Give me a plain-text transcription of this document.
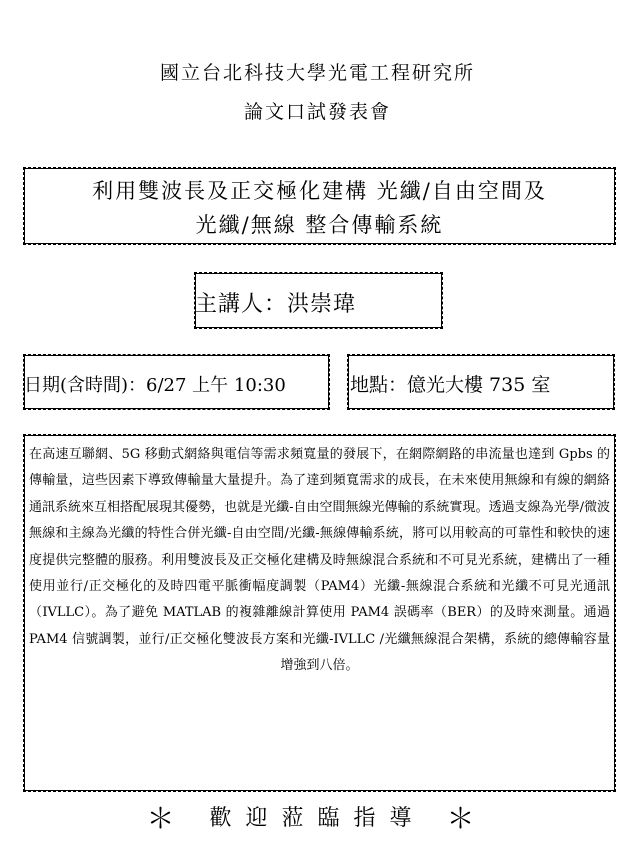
國立台北科技大學光電工程研究所
論文口試發表會
利用雙波長及正交極化建構 光纖/自由空間及
光纖/無線 整合傳輸系統
主講人：洪崇瑋
日期(含時間)：6/27 上午 10:30	地點：億光大樓 735 室
在高速互聯網、5G 移動式網絡與電信等需求頻寬量的發展下，在網際網路的串流量也達到 Gpbs 的傳輸量，這些因素下導致傳輸量大量提升。為了達到頻寬需求的成長，在未來使用無線和有線的網絡通訊系統來互相搭配展現其優勢，也就是光纖-自由空間無線光傳輸的系統實現。透過支線為光學/微波無線和主線為光纖的特性合併光纖-自由空間/光纖-無線傳輸系統，將可以用較高的可靠性和較快的速度提供完整體的服務。利用雙波長及正交極化建構及時無線混合系統和不可見光系統，建構出了一種使用並行/正交極化的及時四電平脈衝幅度調製（PAM4）光纖-無線混合系統和光纖不可見光通訊（IVLLC）。為了避免 MATLAB 的複雜離線計算使用 PAM4 誤碼率（BER）的及時來測量。通過 PAM4 信號調製，並行/正交極化雙波長方案和光纖-IVLLC /光纖無線混合架構，系統的總傳輸容量增強到八倍。
＊ 歡迎蒞臨指導 ＊
